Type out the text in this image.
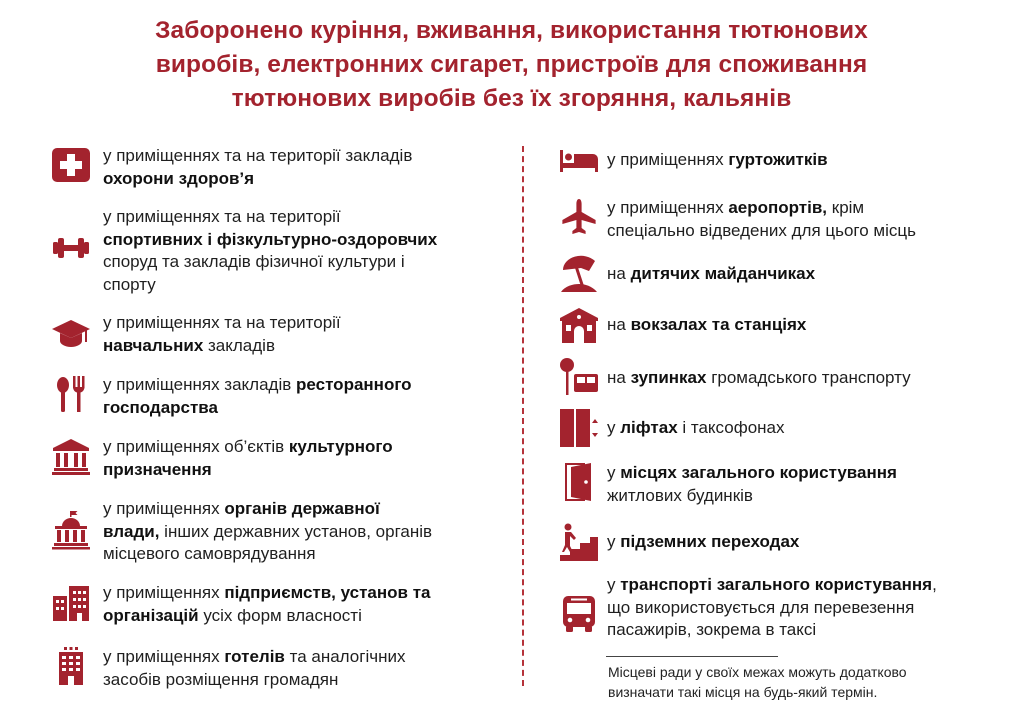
Заборонено куріння, вживання, використання тютюнових
виробів, електронних сигарет, пристроїв для споживання
тютюнових виробів без їх згоряння, кальянів
у приміщеннях та на території закладів
охорони здоров’я
у приміщеннях та на території
спортивних і фізкультурно-оздоровчих
споруд та закладів фізичної культури і
спорту
у приміщеннях та на території
навчальних закладів
у приміщеннях закладів ресторанного
господарства
у приміщеннях об’єктів культурного
призначення
у приміщеннях органів державної
влади, інших державних установ, органів
місцевого самоврядування
у приміщеннях підприємств, установ та
організацій усіх форм власності
у приміщеннях готелів та аналогічних
засобів розміщення громадян
у приміщеннях гуртожитків
у приміщеннях аеропортів, крім
спеціально відведених для цього місць
на дитячих майданчиках
на вокзалах та станціях
на зупинках громадського транспорту
у ліфтах і таксофонах
у місцях загального користування
житлових будинків
у підземних переходах
у транспорті загального користування,
що використовується для перевезення
пасажирів, зокрема в таксі
Місцеві ради у своїх межах можуть додатково
визначати такі місця на будь-який термін.
